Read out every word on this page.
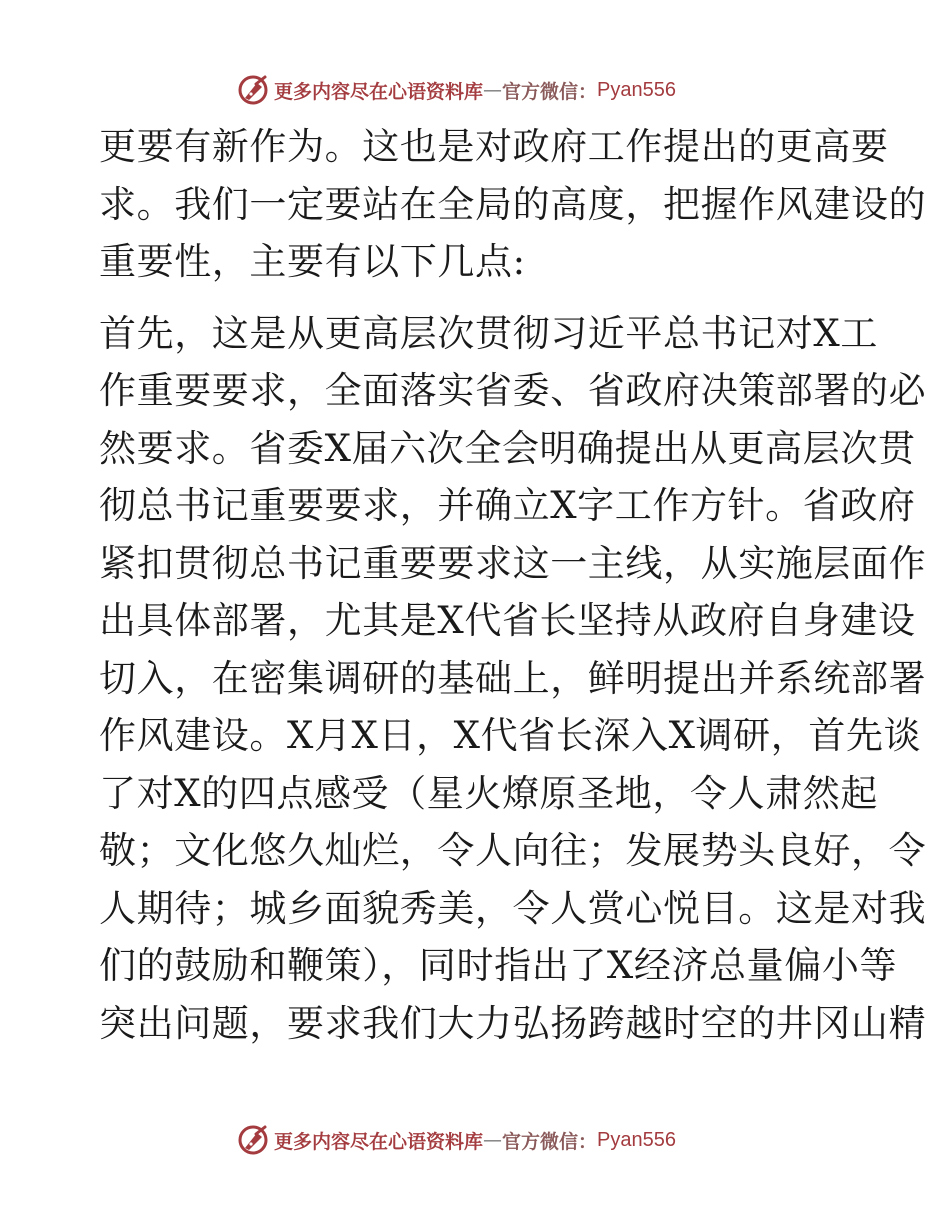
更多内容尽在心语资料库 — 官方微信： Pyan556
更要有新作为。这也是对政府工作提出的更高要
求。我们一定要站在全局的高度，把握作风建设的
重要性，主要有以下几点:
首先，这是从更高层次贯彻习近平总书记对X工
作重要要求，全面落实省委、省政府决策部署的必
然要求。省委X届六次全会明确提出从更高层次贯
彻总书记重要要求，并确立X字工作方针。省政府
紧扣贯彻总书记重要要求这一主线，从实施层面作
出具体部署，尤其是X代省长坚持从政府自身建设
切入，在密集调研的基础上，鲜明提出并系统部署
作风建设。X月X日，X代省长深入X调研，首先谈
了对X的四点感受（星火燎原圣地，令人肃然起
敬；文化悠久灿烂，令人向往；发展势头良好，令
人期待；城乡面貌秀美，令人赏心悦目。这是对我
们的鼓励和鞭策），同时指出了X经济总量偏小等
突出问题，要求我们大力弘扬跨越时空的井冈山精
更多内容尽在心语资料库 — 官方微信： Pyan556
